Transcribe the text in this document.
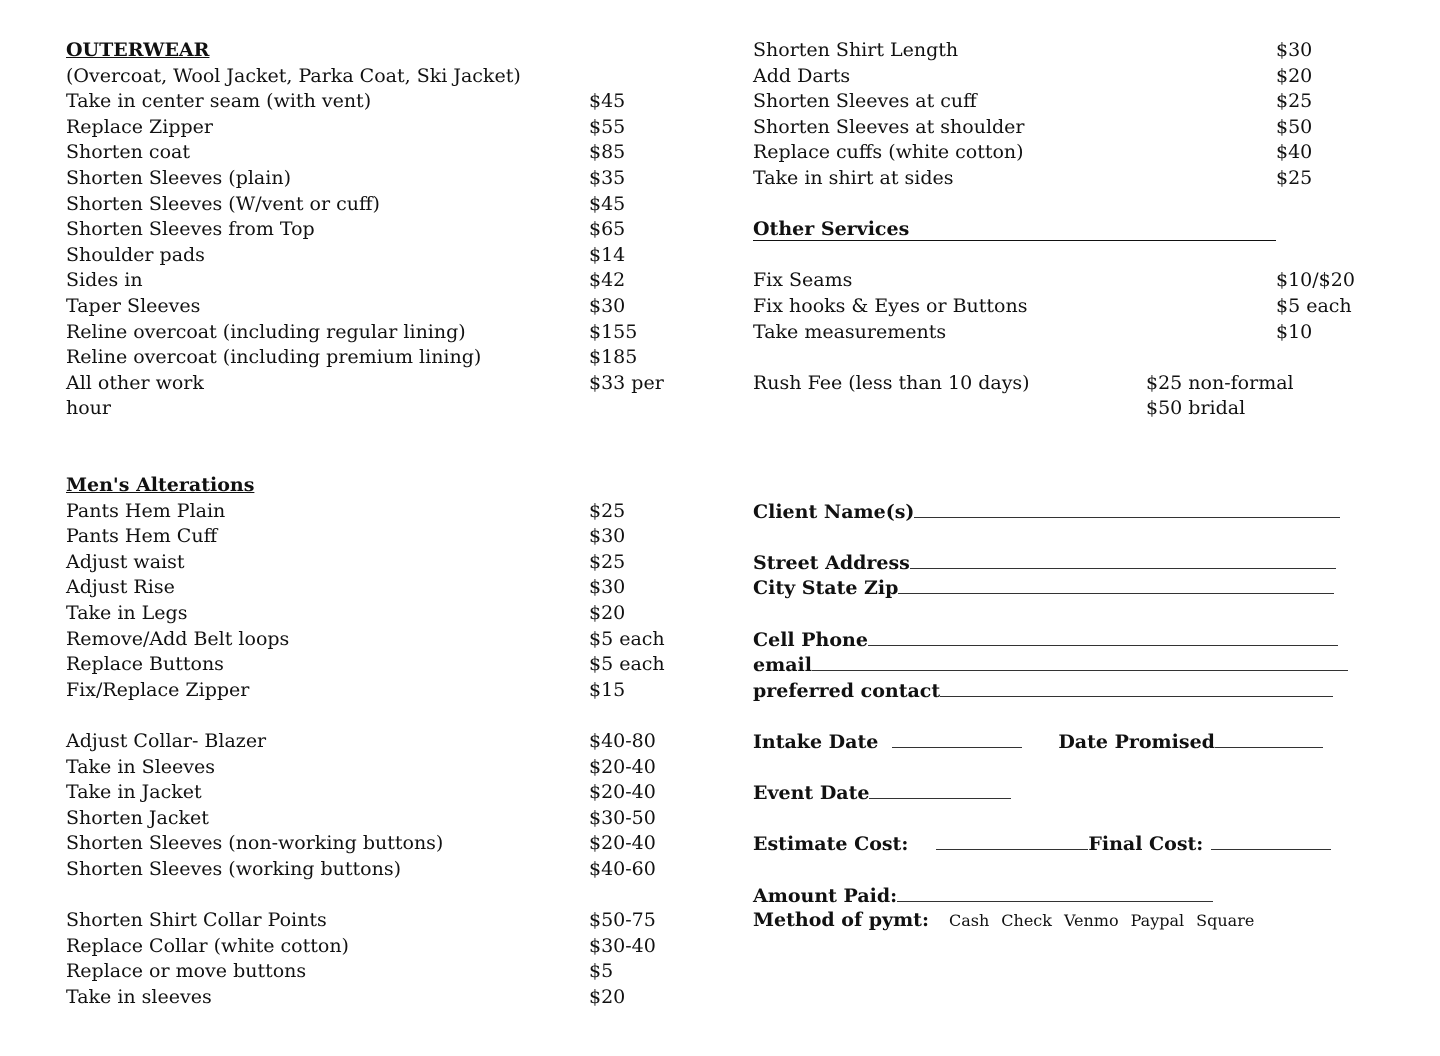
OUTERWEAR
(Overcoat, Wool Jacket, Parka Coat, Ski Jacket)
Take in center seam (with vent)	$45
Replace Zipper	$55
Shorten coat	$85
Shorten Sleeves (plain)	$35
Shorten Sleeves (W/vent or cuff)	$45
Shorten Sleeves from Top	$65
Shoulder pads	$14
Sides in	$42
Taper Sleeves	$30
Reline overcoat (including regular lining)	$155
Reline overcoat (including premium lining)	$185
All other work	$33 per
hour
Men's Alterations
Pants Hem Plain	$25
Pants Hem Cuff	$30
Adjust waist	$25
Adjust Rise	$30
Take in Legs	$20
Remove/Add Belt loops	$5 each
Replace Buttons	$5 each
Fix/Replace Zipper	$15
Adjust Collar- Blazer	$40-80
Take in Sleeves	$20-40
Take in Jacket	$20-40
Shorten Jacket	$30-50
Shorten Sleeves (non-working buttons)	$20-40
Shorten Sleeves (working buttons)	$40-60
Shorten Shirt Collar Points	$50-75
Replace Collar (white cotton)	$30-40
Replace or move buttons	$5
Take in sleeves	$20
Shorten Shirt Length	$30
Add Darts	$20
Shorten Sleeves at cuff	$25
Shorten Sleeves at shoulder	$50
Replace cuffs (white cotton)	$40
Take in shirt at sides	$25
Other Services
Fix Seams	$10/$20
Fix hooks & Eyes or Buttons	$5 each
Take measurements	$10
Rush Fee (less than 10 days)	$25 non-formal
$50 bridal
Client Name(s)
Street Address
City State Zip
Cell Phone
email
preferred contact
Intake Date	Date Promised
Event Date
Estimate Cost:	Final Cost:
Amount Paid:
Method of pymt: Cash Check Venmo Paypal Square
